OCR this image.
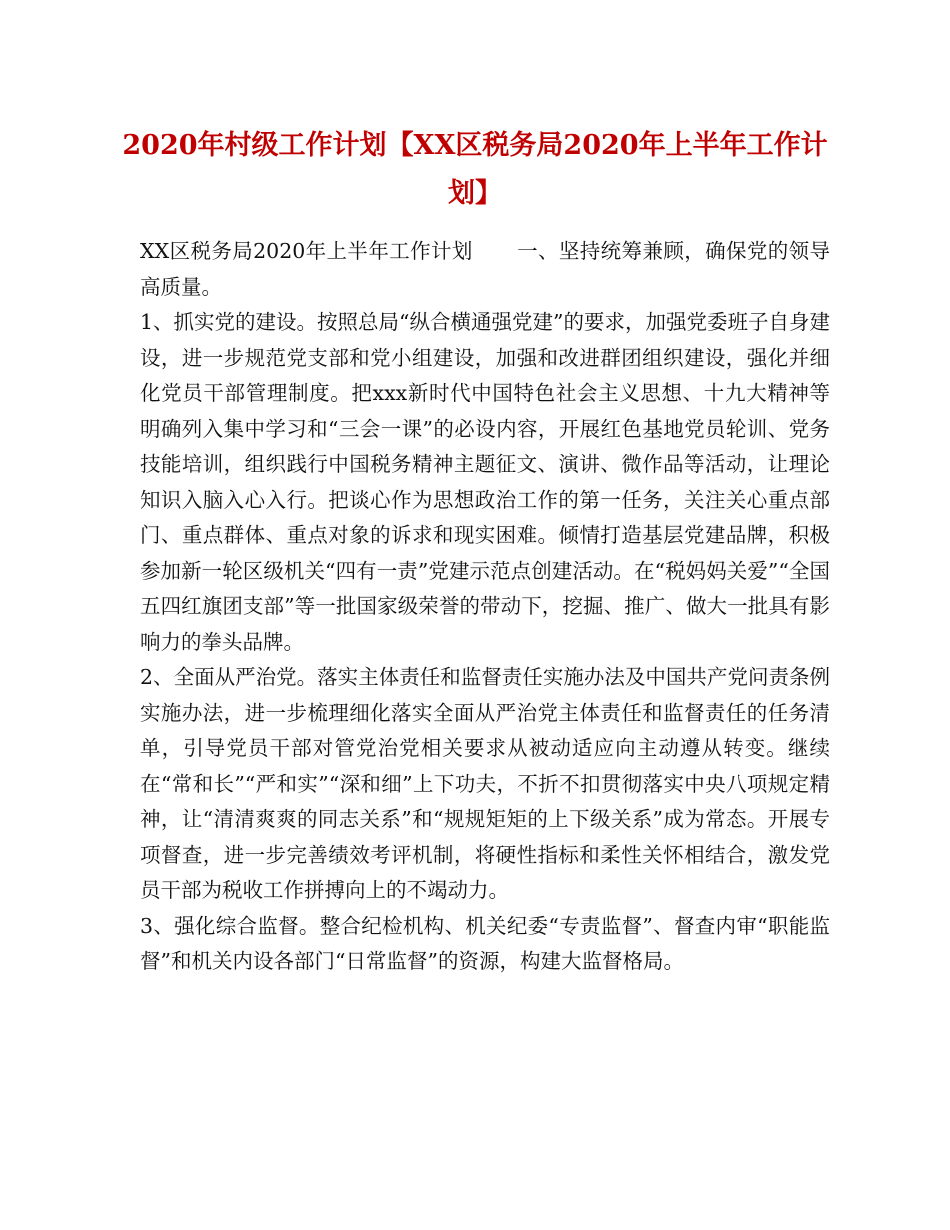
2020年村级工作计划【XX区税务局2020年上半年工作计划】

XX区税务局2020年上半年工作计划 一、坚持统筹兼顾，确保党的领导高质量。

1、抓实党的建设。按照总局“纵合横通强党建”的要求，加强党委班子自身建设，进一步规范党支部和党小组建设，加强和改进群团组织建设，强化并细化党员干部管理制度。把xxx新时代中国特色社会主义思想、十九大精神等明确列入集中学习和“三会一课”的必设内容，开展红色基地党员轮训、党务技能培训，组织践行中国税务精神主题征文、演讲、微作品等活动，让理论知识入脑入心入行。把谈心作为思想政治工作的第一任务，关注关心重点部门、重点群体、重点对象的诉求和现实困难。倾情打造基层党建品牌，积极参加新一轮区级机关“四有一责”党建示范点创建活动。在“税妈妈关爱”“全国五四红旗团支部”等一批国家级荣誉的带动下，挖掘、推广、做大一批具有影响力的拳头品牌。

2、全面从严治党。落实主体责任和监督责任实施办法及中国共产党问责条例实施办法，进一步梳理细化落实全面从严治党主体责任和监督责任的任务清单，引导党员干部对管党治党相关要求从被动适应向主动遵从转变。继续在“常和长”“严和实”“深和细”上下功夫，不折不扣贯彻落实中央八项规定精神，让“清清爽爽的同志关系”和“规规矩矩的上下级关系”成为常态。开展专项督查，进一步完善绩效考评机制，将硬性指标和柔性关怀相结合，激发党员干部为税收工作拼搏向上的不竭动力。

3、强化综合监督。整合纪检机构、机关纪委“专责监督”、督查内审“职能监督”和机关内设各部门“日常监督”的资源，构建大监督格局。
